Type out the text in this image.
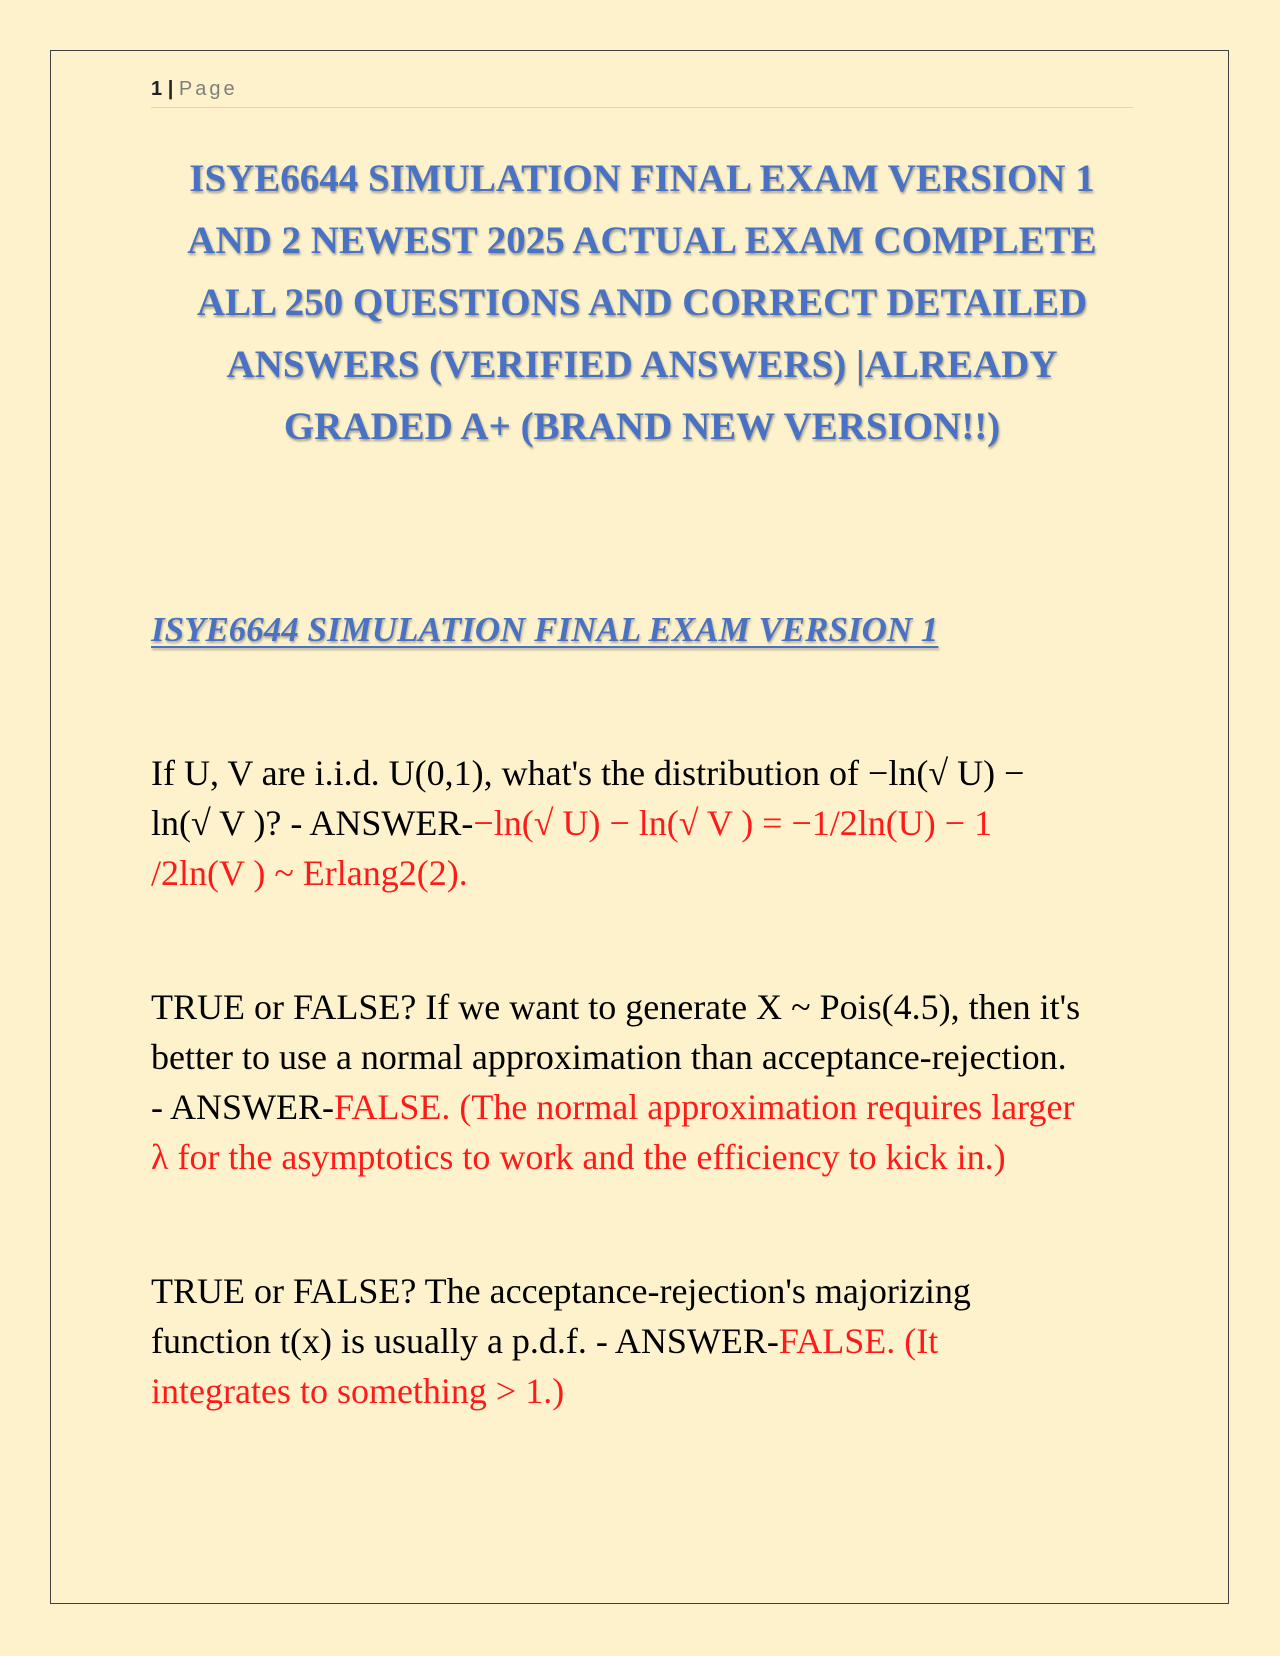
1 | Page
ISYE6644 SIMULATION FINAL EXAM VERSION 1
AND 2 NEWEST 2025 ACTUAL EXAM COMPLETE
ALL 250 QUESTIONS AND CORRECT DETAILED
ANSWERS (VERIFIED ANSWERS) |ALREADY
GRADED A+ (BRAND NEW VERSION!!)
ISYE6644 SIMULATION FINAL EXAM VERSION 1

If U, V are i.i.d. U(0,1), what's the distribution of −ln(√ U) −
ln(√ V )? - ANSWER-−ln(√ U) − ln(√ V ) = −1/2ln(U) − 1
/2ln(V ) ~ Erlang2(2).

TRUE or FALSE? If we want to generate X ~ Pois(4.5), then it's
better to use a normal approximation than acceptance-rejection.
- ANSWER-FALSE. (The normal approximation requires larger
λ for the asymptotics to work and the efficiency to kick in.)

TRUE or FALSE? The acceptance-rejection's majorizing
function t(x) is usually a p.d.f. - ANSWER-FALSE. (It
integrates to something > 1.)
